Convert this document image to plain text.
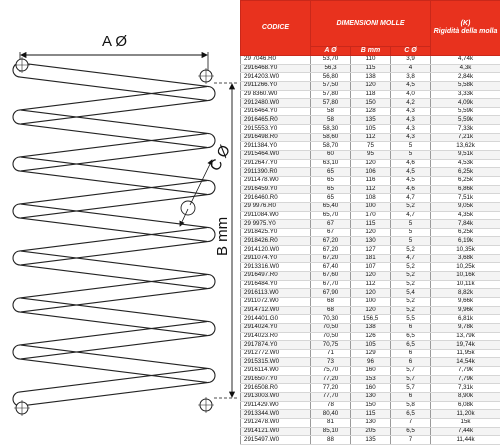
A Ø
B mm
C Ø
CODICE	DIMENSIONI MOLLE			(K)
Rigidità della molla

	A Ø	B mm	C Ø	
29 7046.R0	53,70	110	3,9	4,74k
2916468.Y0	56,3	115	4	4,3k
2914203.W0	56,80	138	3,8	2,84k
2911266.Y0	57,50	120	4,5	5,58k
29 8360.W0	57,80	118	4,0	3,33k
2912480.W0	57,80	150	4,2	4,09k
2916464.Y0	58	128	4,3	5,59k
2916465.R0	58	135	4,3	5,59k
2915553.Y0	58,30	105	4,3	7,33k
2916498.R0	58,60	112	4,3	7,21k
2911384.Y0	58,70	75	5	13,62k
2915464.W0	60	95	5	9,51k
2912647.Y0	63,10	120	4,6	4,53k
2911390.R0	65	106	4,5	6,25k
2911478.W0	65	116	4,5	6,25k
2916459.Y0	65	112	4,6	6,86k
2916460.R0	65	108	4,7	7,51k
29 9976.R0	65,40	100	5,2	9,05k
2911084.W0	65,70	170	4,7	4,35k
29 9975.Y0	67	115	5	7,84k
2918425.Y0	67	120	5	6,25k
2918426.R0	67,20	130	5	6,19k
2914120.W0	67,20	127	5,2	10,35k
2911074.Y0	67,20	181	4,7	3,68k
2913316.W0	67,40	107	5,2	10,25k
2916497.R0	67,60	120	5,2	10,16k
2916484.Y0	67,70	112	5,2	10,11k
2916113.W0	67,90	120	5,4	8,82k
2911072.W0	68	100	5,2	9,66k
2914712.W0	68	120	5,2	9,96k
2914401.G0	70,30	156,5	5,5	6,81k
2914024.Y0	70,50	138	6	9,78k
2914023.R0	70,50	126	6,5	13,79k
2917874.Y0	70,75	105	6,5	19,74k
2912772.W0	71	129	6	11,95k
2915315.W0	73	96	6	14,54k
2916114.W0	75,70	160	5,7	7,79k
2916507.Y0	77,20	153	5,7	7,79k
2916508.R0	77,20	160	5,7	7,31k
2913003.W0	77,70	130	6	8,90k
2911429.W0	78	150	5,8	6,08k
2913344.W0	80,40	115	6,5	11,20k
2912478.W0	81	130	7	15k
2914121.W0	85,10	205	6,5	7,44k
2915497.W0	88	135	7	11,44k
